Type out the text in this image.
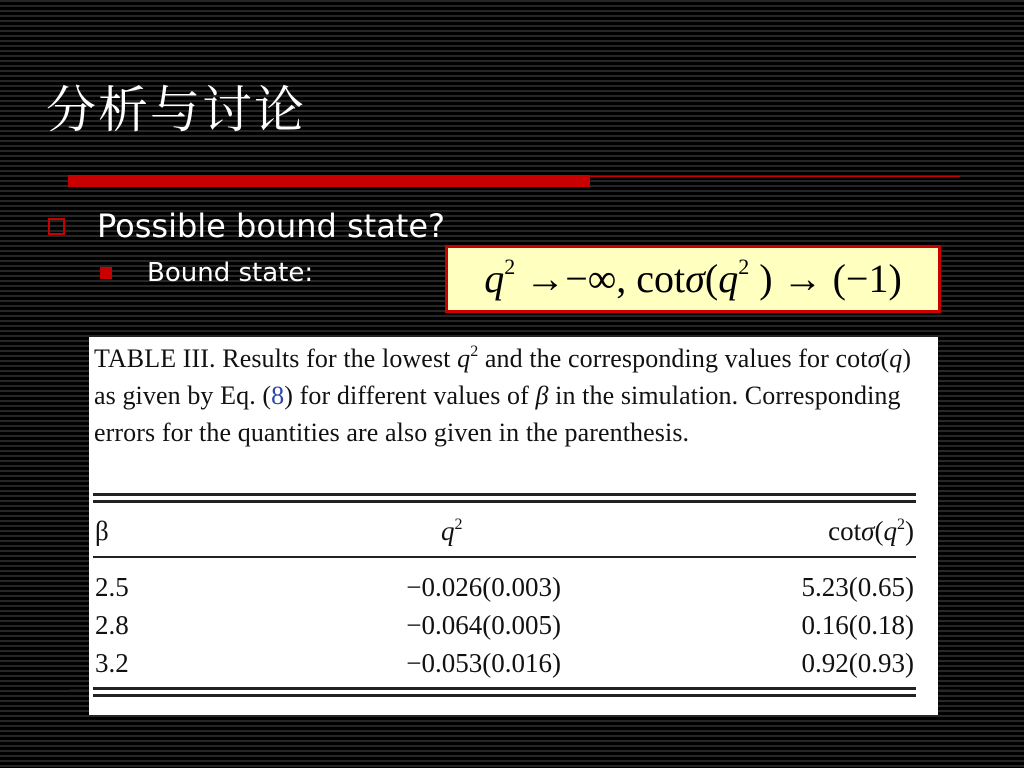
分析与讨论
Possible bound state?
Bound state:	$q^2$ →−∞, $\cot\sigma(q^2$ ) → (−1)
TABLE III. Results for the lowest $q^2$ and the corresponding values for cotσ(q) as given by Eq. (8) for different values of β in the simulation. Corresponding errors for the quantities are also given in the parenthesis.
β	$q^2$	$\cot\sigma(q^2)$
2.5	−0.026(0.003)	5.23(0.65)
2.8	−0.064(0.005)	0.16(0.18)
3.2	−0.053(0.016)	0.92(0.93)
